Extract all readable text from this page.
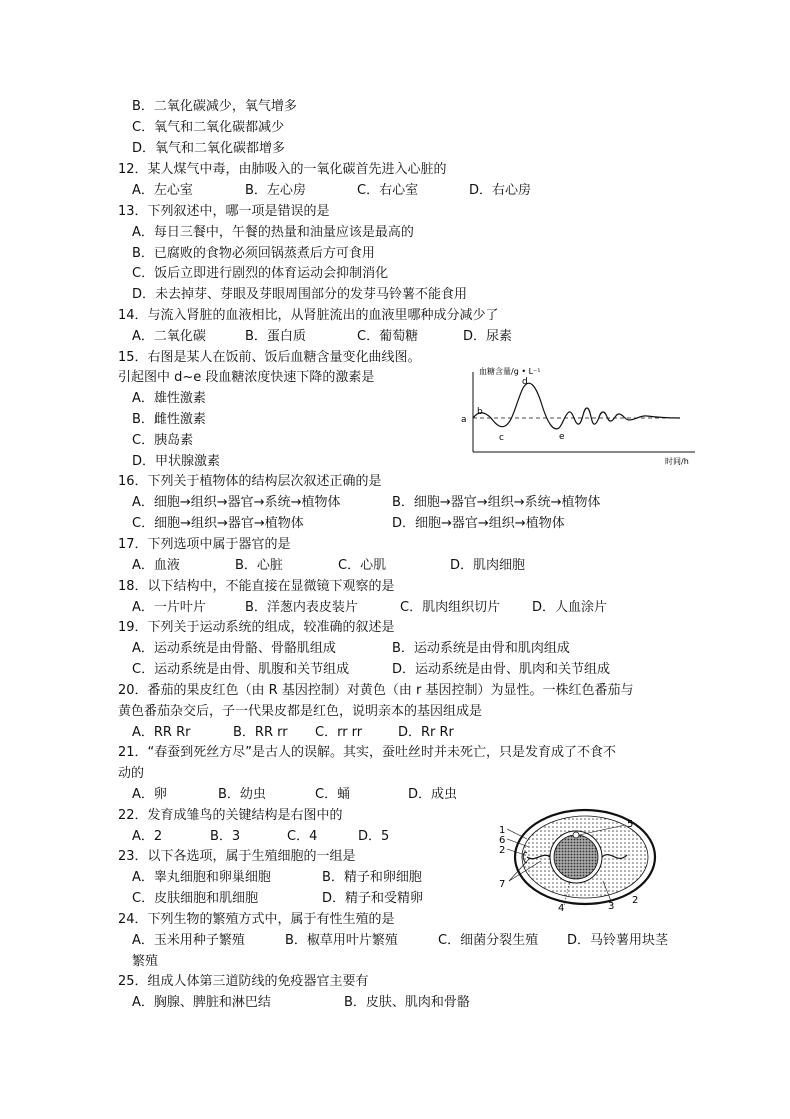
B．二氧化碳减少，氧气增多
C．氧气和二氧化碳都减少
D．氧气和二氧化碳都增多
12．某人煤气中毒，由肺吸入的一氧化碳首先进入心脏的
A．左心室	B．左心房	C．右心室	D．右心房
13．下列叙述中，哪一项是错误的是
A．每日三餐中，午餐的热量和油量应该是最高的
B．已腐败的食物必须回锅蒸煮后方可食用
C．饭后立即进行剧烈的体育运动会抑制消化
D．未去掉芽、芽眼及芽眼周围部分的发芽马铃薯不能食用
14．与流入肾脏的血液相比，从肾脏流出的血液里哪种成分减少了
A．二氧化碳	B．蛋白质	C．葡萄糖	D．尿素
15．右图是某人在饭前、饭后血糖含量变化曲线图。
引起图中 d~e 段血糖浓度快速下降的激素是
A．雄性激素
B．雌性激素
C．胰岛素
D．甲状腺激素
血糖含量/g • L⁻¹
a
b
c
d
e
时间/h
16．下列关于植物体的结构层次叙述正确的是
A．细胞→组织→器官→系统→植物体	B．细胞→器官→组织→系统→植物体
C．细胞→组织→器官→植物体	D．细胞→器官→组织→植物体
17．下列选项中属于器官的是
A．血液	B．心脏	C．心肌	D．肌肉细胞
18．以下结构中，不能直接在显微镜下观察的是
A．一片叶片	B．洋葱内表皮装片	C．肌肉组织切片 D．人血涂片
19．下列关于运动系统的组成，较准确的叙述是
A．运动系统是由骨骼、骨骼肌组成	B．运动系统是由骨和肌肉组成
C．运动系统是由骨、肌腹和关节组成	D．运动系统是由骨、肌肉和关节组成
20．番茄的果皮红色（由 R 基因控制）对黄色（由 r 基因控制）为显性。一株红色番茄与
黄色番茄杂交后，子一代果皮都是红色，说明亲本的基因组成是
A．RR Rr	B．RR rr C．rr rr	D．Rr Rr
21．“春蚕到死丝方尽”是古人的误解。其实，蚕吐丝时并未死亡，只是发育成了不食不
动的
A．卵	B．幼虫	C．蛹	D．成虫
22．发育成雏鸟的关键结构是右图中的
A．2	B．3	C．4	D．5	1
6
2
7
5
4	3
2
23．以下各选项，属于生殖细胞的一组是
A．睾丸细胞和卵巢细胞	B．精子和卵细胞
C．皮肤细胞和肌细胞	D．精子和受精卵
24．下列生物的繁殖方式中，属于有性生殖的是
A．玉米用种子繁殖	B．椒草用叶片繁殖	C．细菌分裂生殖 D．马铃薯用块茎
繁殖
25．组成人体第三道防线的免疫器官主要有
A．胸腺、脾脏和淋巴结	B．皮肤、肌肉和骨骼
